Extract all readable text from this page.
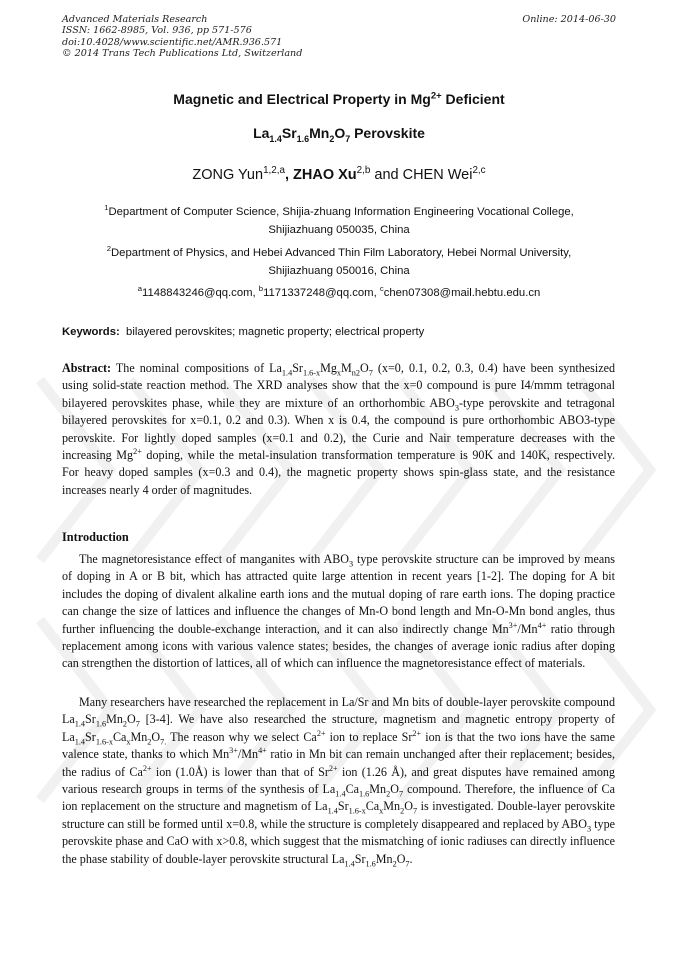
Advanced Materials Research
ISSN: 1662-8985, Vol. 936, pp 571-576
doi:10.4028/www.scientific.net/AMR.936.571
© 2014 Trans Tech Publications Ltd, Switzerland
Online: 2014-06-30
Magnetic and Electrical Property in $Mg^{2+}$ Deficient
$La_{1.4}Sr_{1.6}Mn_2O_7$ Perovskite
ZONG Yun$^{1,2,a}$, ZHAO Xu$^{2,b}$ and CHEN Wei$^{2,c}$
$^1$Department of Computer Science, Shijia-zhuang Information Engineering Vocational College,
Shijiazhuang 050035, China
$^2$Department of Physics, and Hebei Advanced Thin Film Laboratory, Hebei Normal University,
Shijiazhuang 050016, China
$^a$1148843246@qq.com, $^b$1171337248@qq.com, $^c$chen07308@mail.hebtu.edu.cn
Keywords: bilayered perovskites; magnetic property; electrical property
Abstract: The nominal compositions of $La_{1.4}Sr_{1.6-x}Mg_xM_{n2}O_7$ (x=0, 0.1, 0.2, 0.3, 0.4) have been synthesized using solid-state reaction method. The XRD analyses show that the x=0 compound is pure I4/mmm tetragonal bilayered perovskites phase, while they are mixture of an orthorhombic $ABO_3$-type perovskite and tetragonal bilayered perovskites for x=0.1, 0.2 and 0.3). When x is 0.4, the compound is pure orthorhombic ABO3-type perovskite. For lightly doped samples (x=0.1 and 0.2), the Curie and Nair temperature decreases with the increasing $Mg^{2+}$ doping, while the metal-insulation transformation temperature is 90K and 140K, respectively. For heavy doped samples (x=0.3 and 0.4), the magnetic property shows spin-glass state, and the resistance increases nearly 4 order of magnitudes.
Introduction
The magnetoresistance effect of manganites with $ABO_3$ type perovskite structure can be improved by means of doping in A or B bit, which has attracted quite large attention in recent years [1-2]. The doping for A bit includes the doping of divalent alkaline earth ions and the mutual doping of rare earth ions. The doping practice can change the size of lattices and influence the changes of Mn-O bond length and Mn-O-Mn bond angles, thus further influencing the double-exchange interaction, and it can also indirectly change $Mn^{3+}/Mn^{4+}$ ratio through replacement among icons with various valence states; besides, the changes of average ionic radius after doping can strengthen the distortion of lattices, all of which can influence the magnetoresistance effect of materials.
Many researchers have researched the replacement in La/Sr and Mn bits of double-layer perovskite compound $La_{1.4}Sr_{1.6}Mn_2O_7$ [3-4]. We have also researched the structure, magnetism and magnetic entropy property of $La_{1.4}Sr_{1.6-x}Ca_xMn_2O_{7.}$ The reason why we select $Ca^{2+}$ ion to replace $Sr^{2+}$ ion is that the two ions have the same valence state, thanks to which $Mn^{3+}/Mn^{4+}$ ratio in Mn bit can remain unchanged after their replacement; besides, the radius of $Ca^{2+}$ ion (1.0Å) is lower than that of $Sr^{2+}$ ion (1.26 Å), and great disputes have remained among various research groups in terms of the synthesis of $La_{1.4}Ca_{1.6}Mn_2O_7$ compound. Therefore, the influence of Ca ion replacement on the structure and magnetism of $La_{1.4}Sr_{1.6-x}Ca_xMn_2O_7$ is investigated. Double-layer perovskite structure can still be formed until x=0.8, while the structure is completely disappeared and replaced by $ABO_3$ type perovskite phase and CaO with x>0.8, which suggest that the mismatching of ionic radiuses can directly influence the phase stability of double-layer perovskite structural $La_{1.4}Sr_{1.6}Mn_2O_7$.
